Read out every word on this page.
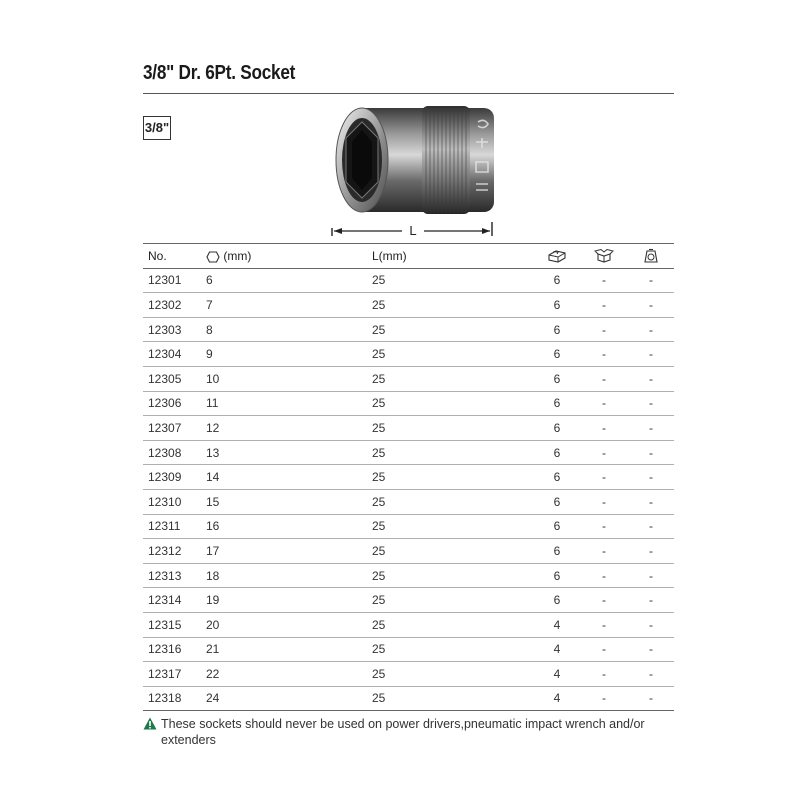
3/8" Dr. 6Pt. Socket
3/8"
L
No.	(mm)	L(mm)			
12301	6	25	6	-	-
12302	7	25	6	-	-
12303	8	25	6	-	-
12304	9	25	6	-	-
12305	10	25	6	-	-
12306	11	25	6	-	-
12307	12	25	6	-	-
12308	13	25	6	-	-
12309	14	25	6	-	-
12310	15	25	6	-	-
12311	16	25	6	-	-
12312	17	25	6	-	-
12313	18	25	6	-	-
12314	19	25	6	-	-
12315	20	25	4	-	-
12316	21	25	4	-	-
12317	22	25	4	-	-
12318	24	25	4	-	-
These sockets should never be used on power drivers,pneumatic impact wrench and/or extenders
